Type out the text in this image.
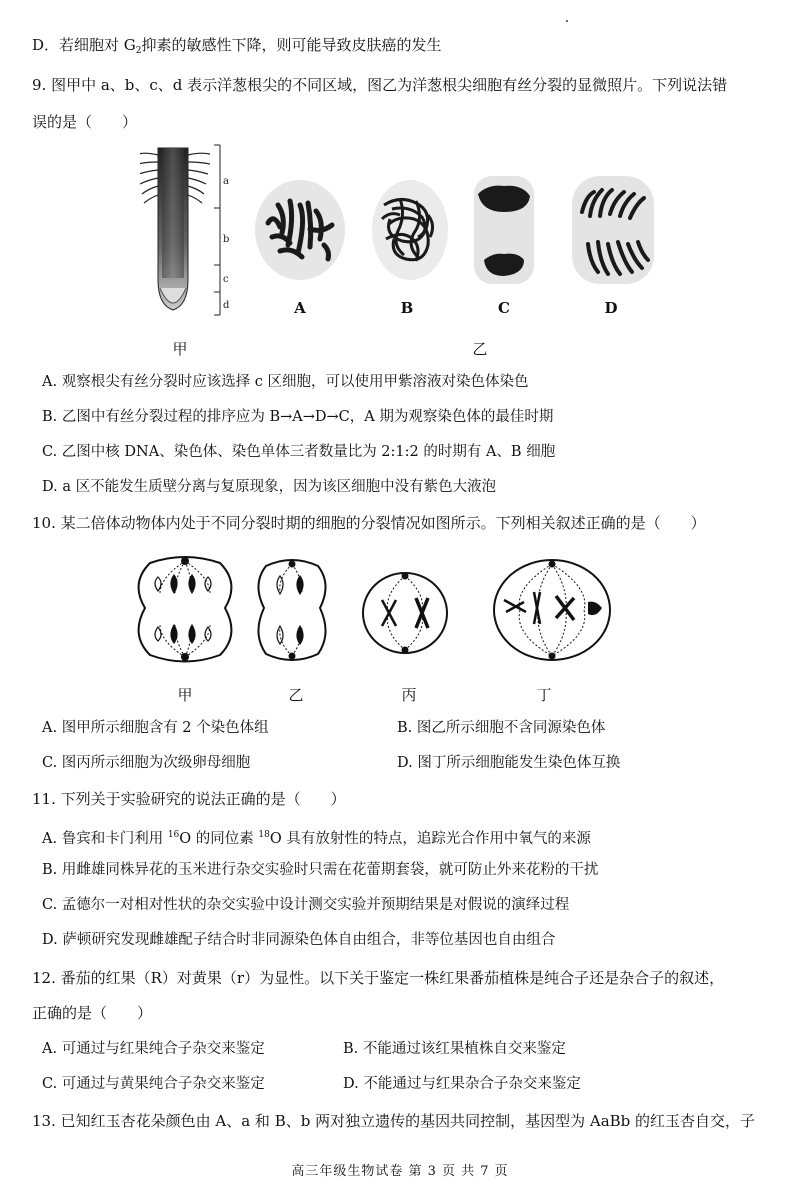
D．若细胞对 $G_2$抑素的敏感性下降，则可能导致皮肤癌的发生
9. 图甲中 a、b、c、d 表示洋葱根尖的不同区域，图乙为洋葱根尖细胞有丝分裂的显微照片。下列说法错
误的是（　　）
a
b
c
d	A	B	C	D
甲	乙
A. 观察根尖有丝分裂时应该选择 c 区细胞，可以使用甲紫溶液对染色体染色
B. 乙图中有丝分裂过程的排序应为 B→A→D→C，A 期为观察染色体的最佳时期
C. 乙图中核 DNA、染色体、染色单体三者数量比为 2:1:2 的时期有 A、B 细胞
D. a 区不能发生质壁分离与复原现象，因为该区细胞中没有紫色大液泡
10. 某二倍体动物体内处于不同分裂时期的细胞的分裂情况如图所示。下列相关叙述正确的是（　　）
甲	乙	丙	丁
A. 图甲所示细胞含有 2 个染色体组	B. 图乙所示细胞不含同源染色体
C. 图丙所示细胞为次级卵母细胞	D. 图丁所示细胞能发生染色体互换
11. 下列关于实验研究的说法正确的是（　　）
A. 鲁宾和卡门利用 $^{16}$O 的同位素 $^{18}$O 具有放射性的特点，追踪光合作用中氧气的来源
B. 用雌雄同株异花的玉米进行杂交实验时只需在花蕾期套袋，就可防止外来花粉的干扰
C. 孟德尔一对相对性状的杂交实验中设计测交实验并预期结果是对假说的演绎过程
D. 萨顿研究发现雌雄配子结合时非同源染色体自由组合，非等位基因也自由组合
12. 番茄的红果（R）对黄果（r）为显性。以下关于鉴定一株红果番茄植株是纯合子还是杂合子的叙述，
正确的是（　　）
A. 可通过与红果纯合子杂交来鉴定	B. 不能通过该红果植株自交来鉴定
C. 可通过与黄果纯合子杂交来鉴定	D. 不能通过与红果杂合子杂交来鉴定
13. 已知红玉杏花朵颜色由 A、a 和 B、b 两对独立遗传的基因共同控制，基因型为 AaBb 的红玉杏自交，子
高三年级生物试卷 第 3 页 共 7 页
